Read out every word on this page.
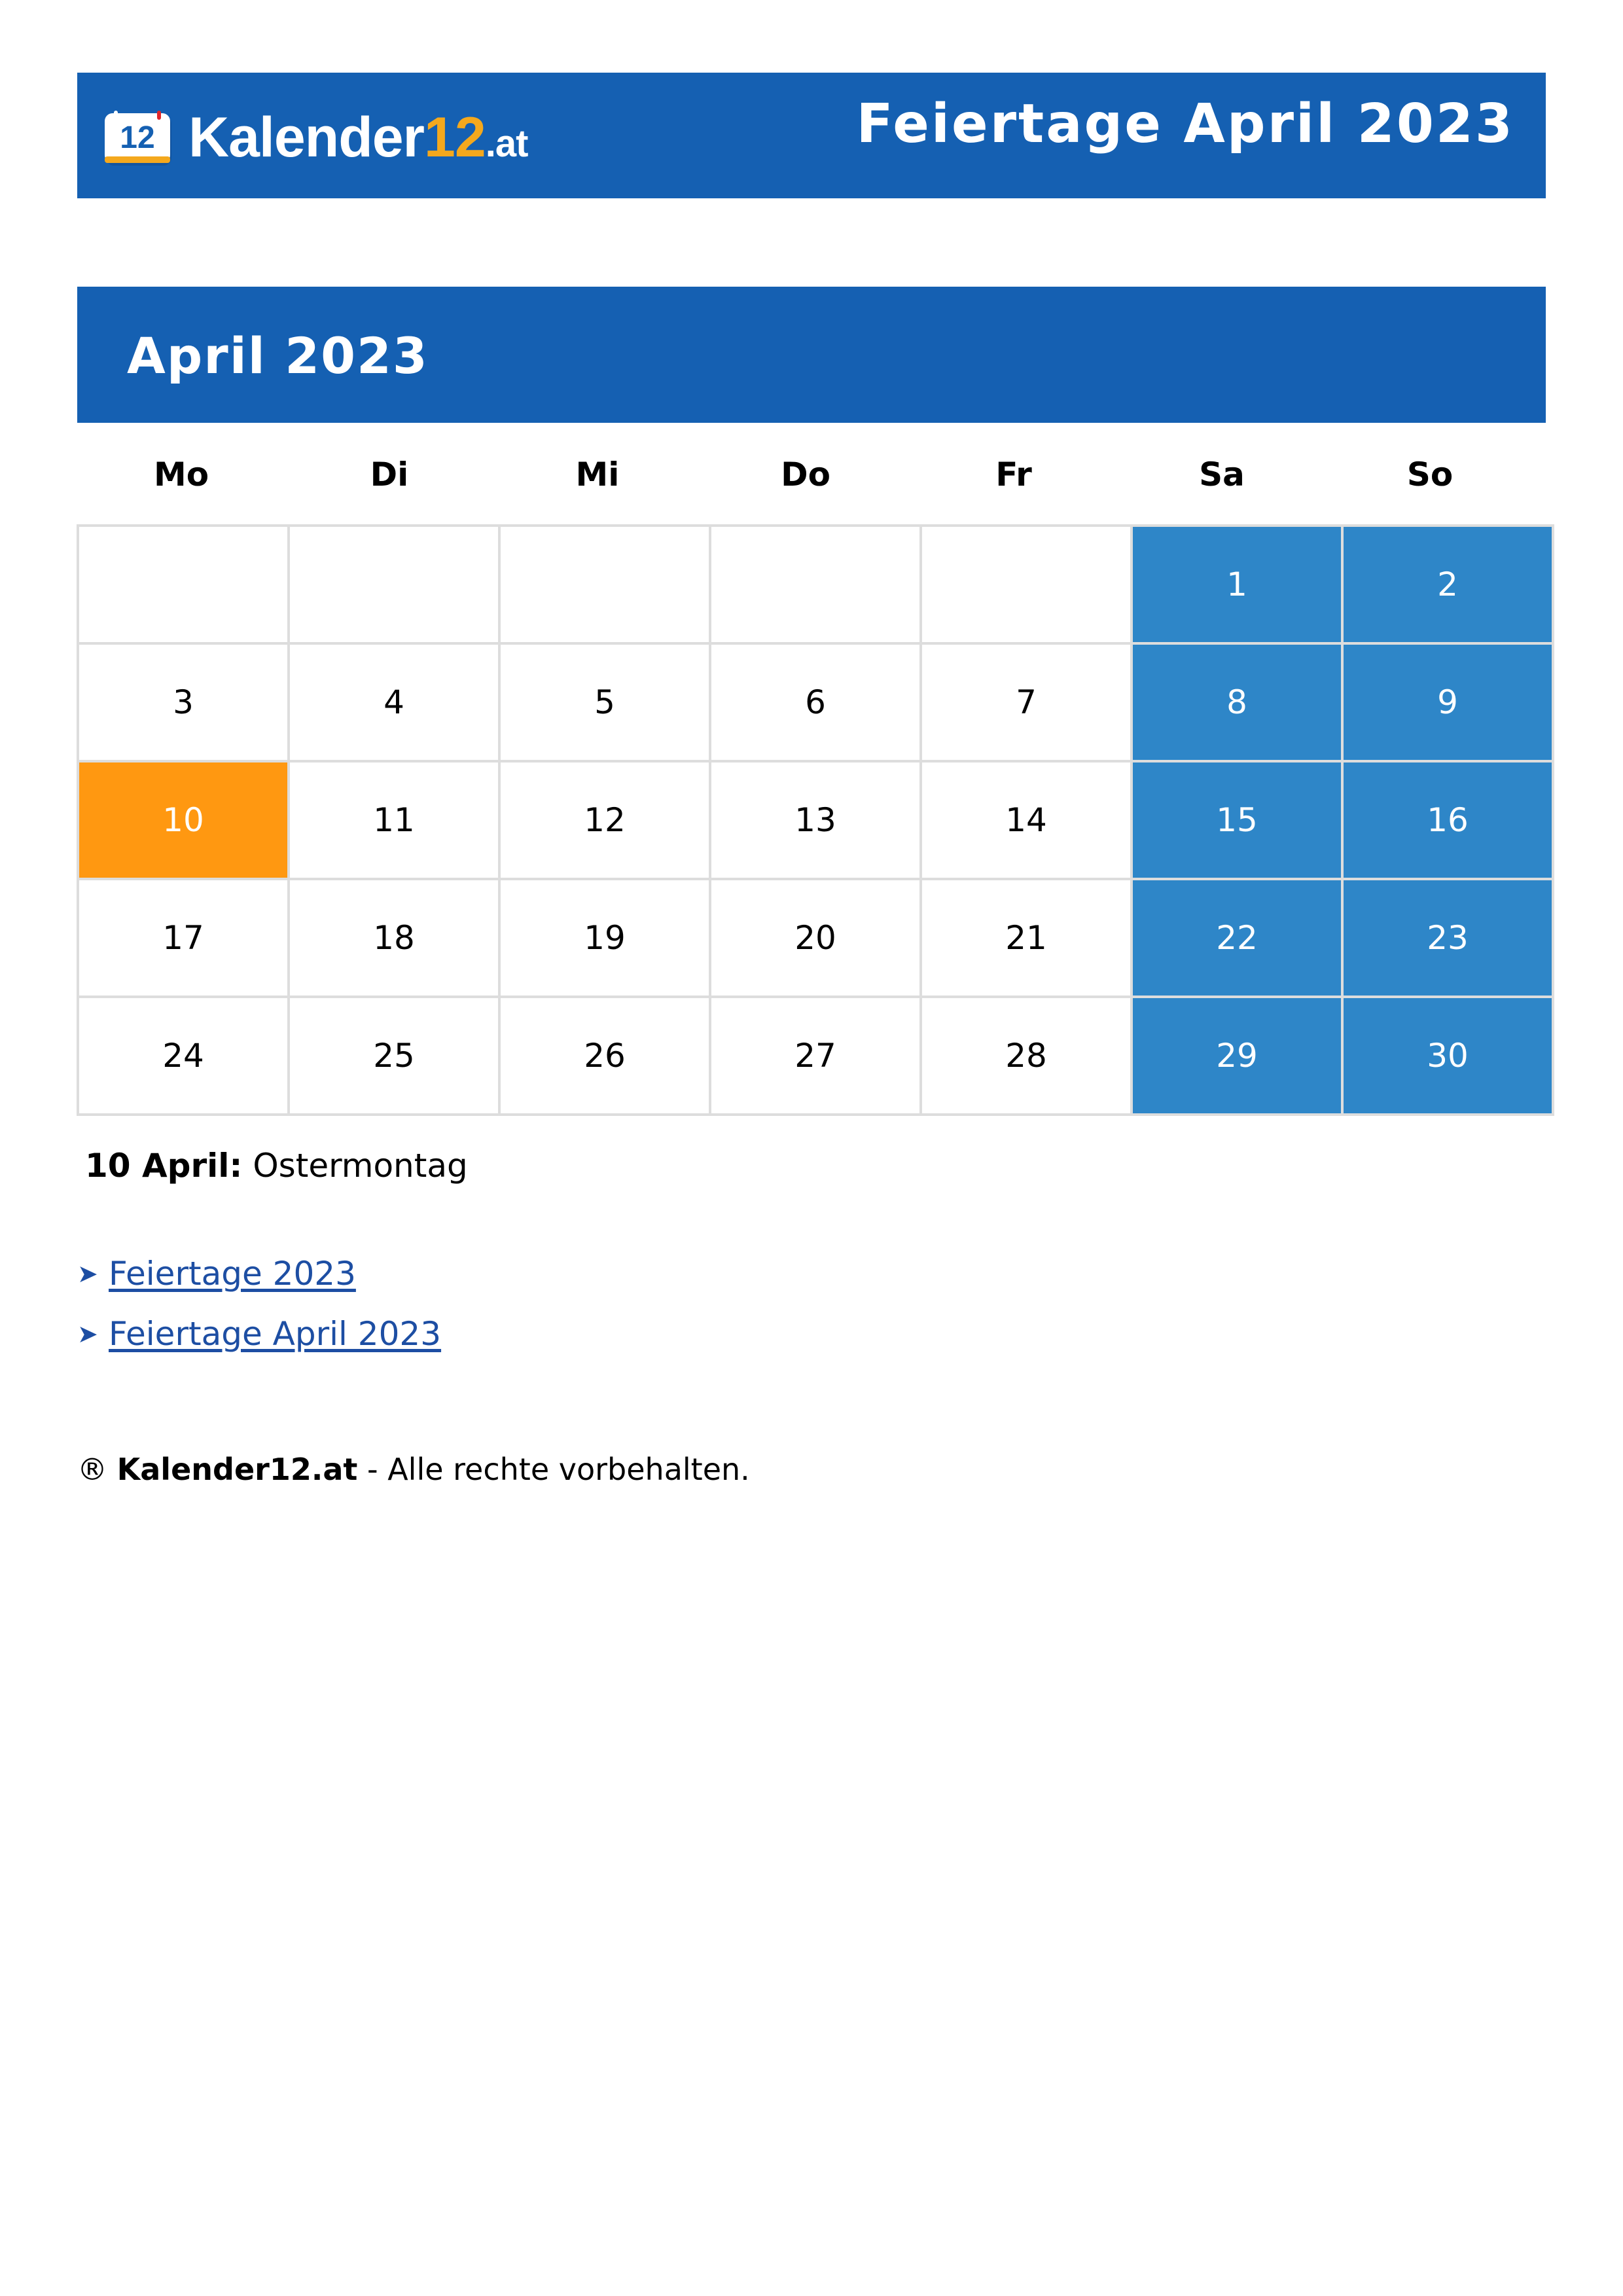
12 Kalender12.at	Feiertage April 2023
April 2023
Mo	Di	Mi	Do	Fr	Sa	So
					1	2
3	4	5	6	7	8	9
10	11	12	13	14	15	16
17	18	19	20	21	22	23
24	25	26	27	28	29	30
10 April: Ostermontag
➤ Feiertage 2023
➤ Feiertage April 2023
® Kalender12.at - Alle rechte vorbehalten.
